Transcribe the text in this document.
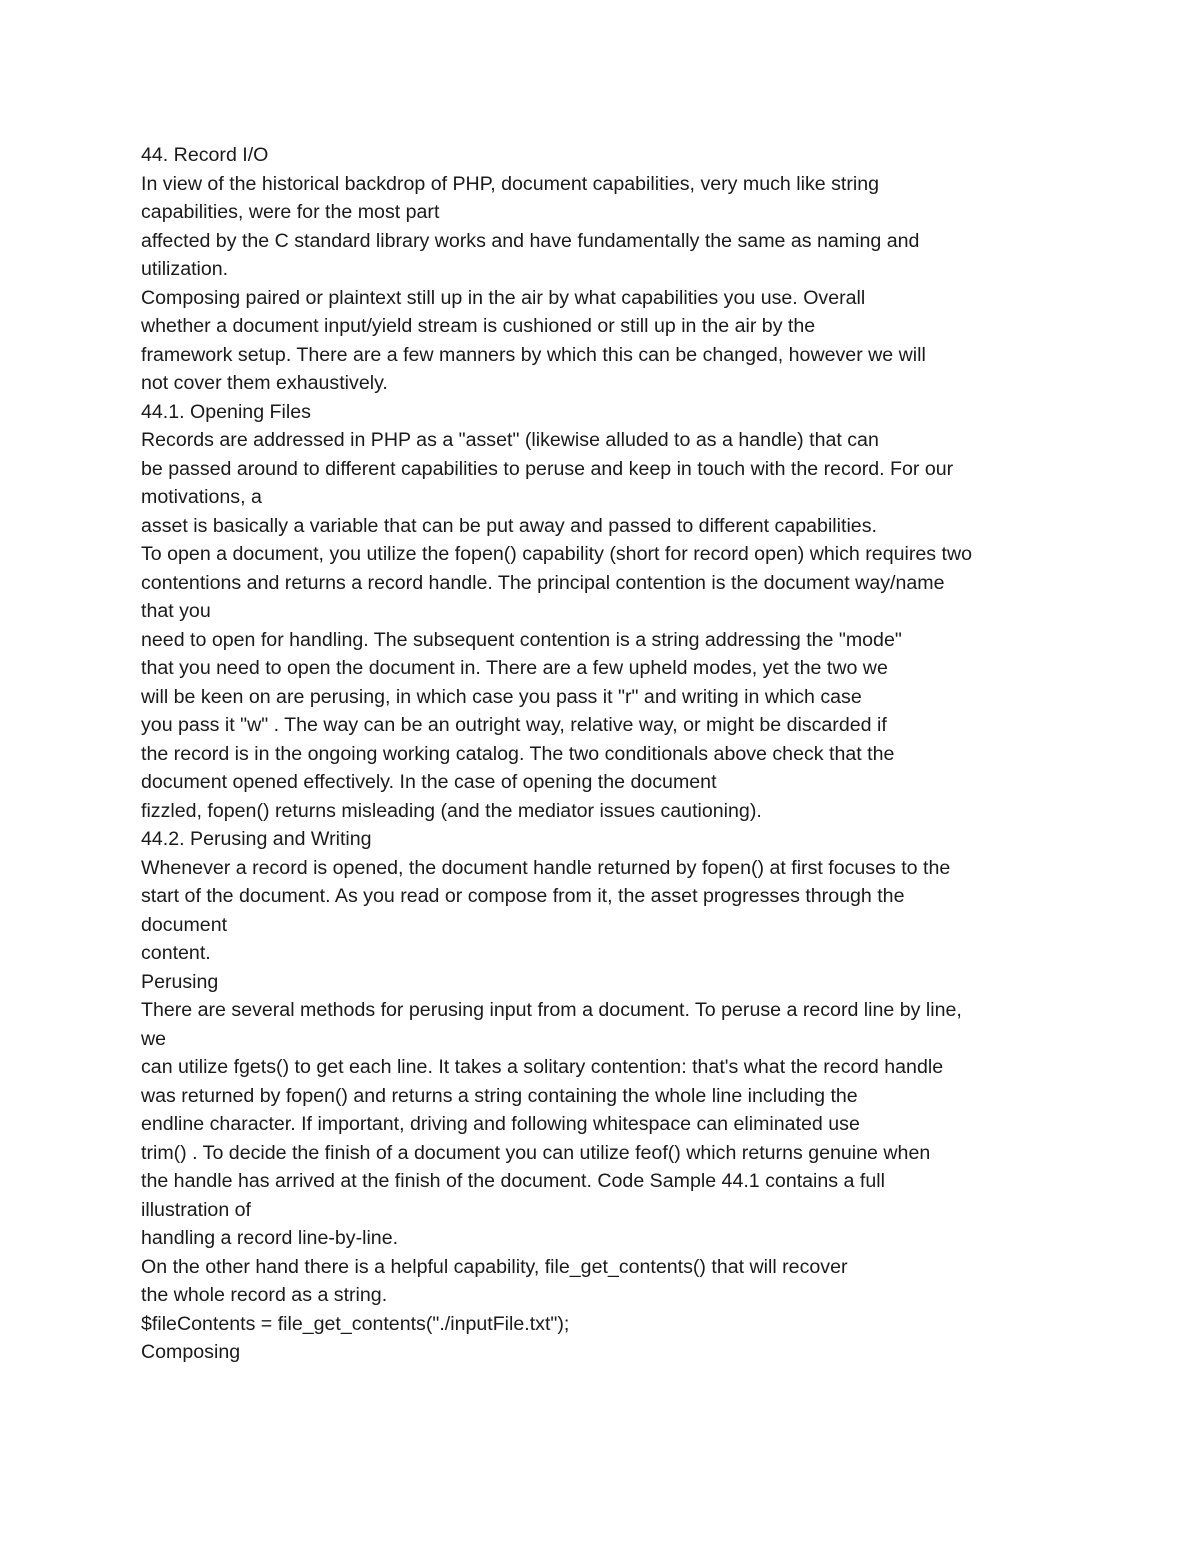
44. Record I/O
In view of the historical backdrop of PHP, document capabilities, very much like string
capabilities, were for the most part
affected by the C standard library works and have fundamentally the same as naming and
utilization.
Composing paired or plaintext still up in the air by what capabilities you use. Overall
whether a document input/yield stream is cushioned or still up in the air by the
framework setup. There are a few manners by which this can be changed, however we will
not cover them exhaustively.
44.1. Opening Files
Records are addressed in PHP as a "asset" (likewise alluded to as a handle) that can
be passed around to different capabilities to peruse and keep in touch with the record. For our
motivations, a
asset is basically a variable that can be put away and passed to different capabilities.
To open a document, you utilize the fopen() capability (short for record open) which requires two
contentions and returns a record handle. The principal contention is the document way/name
that you
need to open for handling. The subsequent contention is a string addressing the "mode"
that you need to open the document in. There are a few upheld modes, yet the two we
will be keen on are perusing, in which case you pass it "r" and writing in which case
you pass it "w" . The way can be an outright way, relative way, or might be discarded if
the record is in the ongoing working catalog. The two conditionals above check that the
document opened effectively. In the case of opening the document
fizzled, fopen() returns misleading (and the mediator issues cautioning).
44.2. Perusing and Writing
Whenever a record is opened, the document handle returned by fopen() at first focuses to the
start of the document. As you read or compose from it, the asset progresses through the
document
content.
Perusing
There are several methods for perusing input from a document. To peruse a record line by line,
we
can utilize fgets() to get each line. It takes a solitary contention: that's what the record handle
was returned by fopen() and returns a string containing the whole line including the
endline character. If important, driving and following whitespace can eliminated use
trim() . To decide the finish of a document you can utilize feof() which returns genuine when
the handle has arrived at the finish of the document. Code Sample 44.1 contains a full
illustration of
handling a record line-by-line.
On the other hand there is a helpful capability, file_get_contents() that will recover
the whole record as a string.
$fileContents = file_get_contents("./inputFile.txt");
Composing
